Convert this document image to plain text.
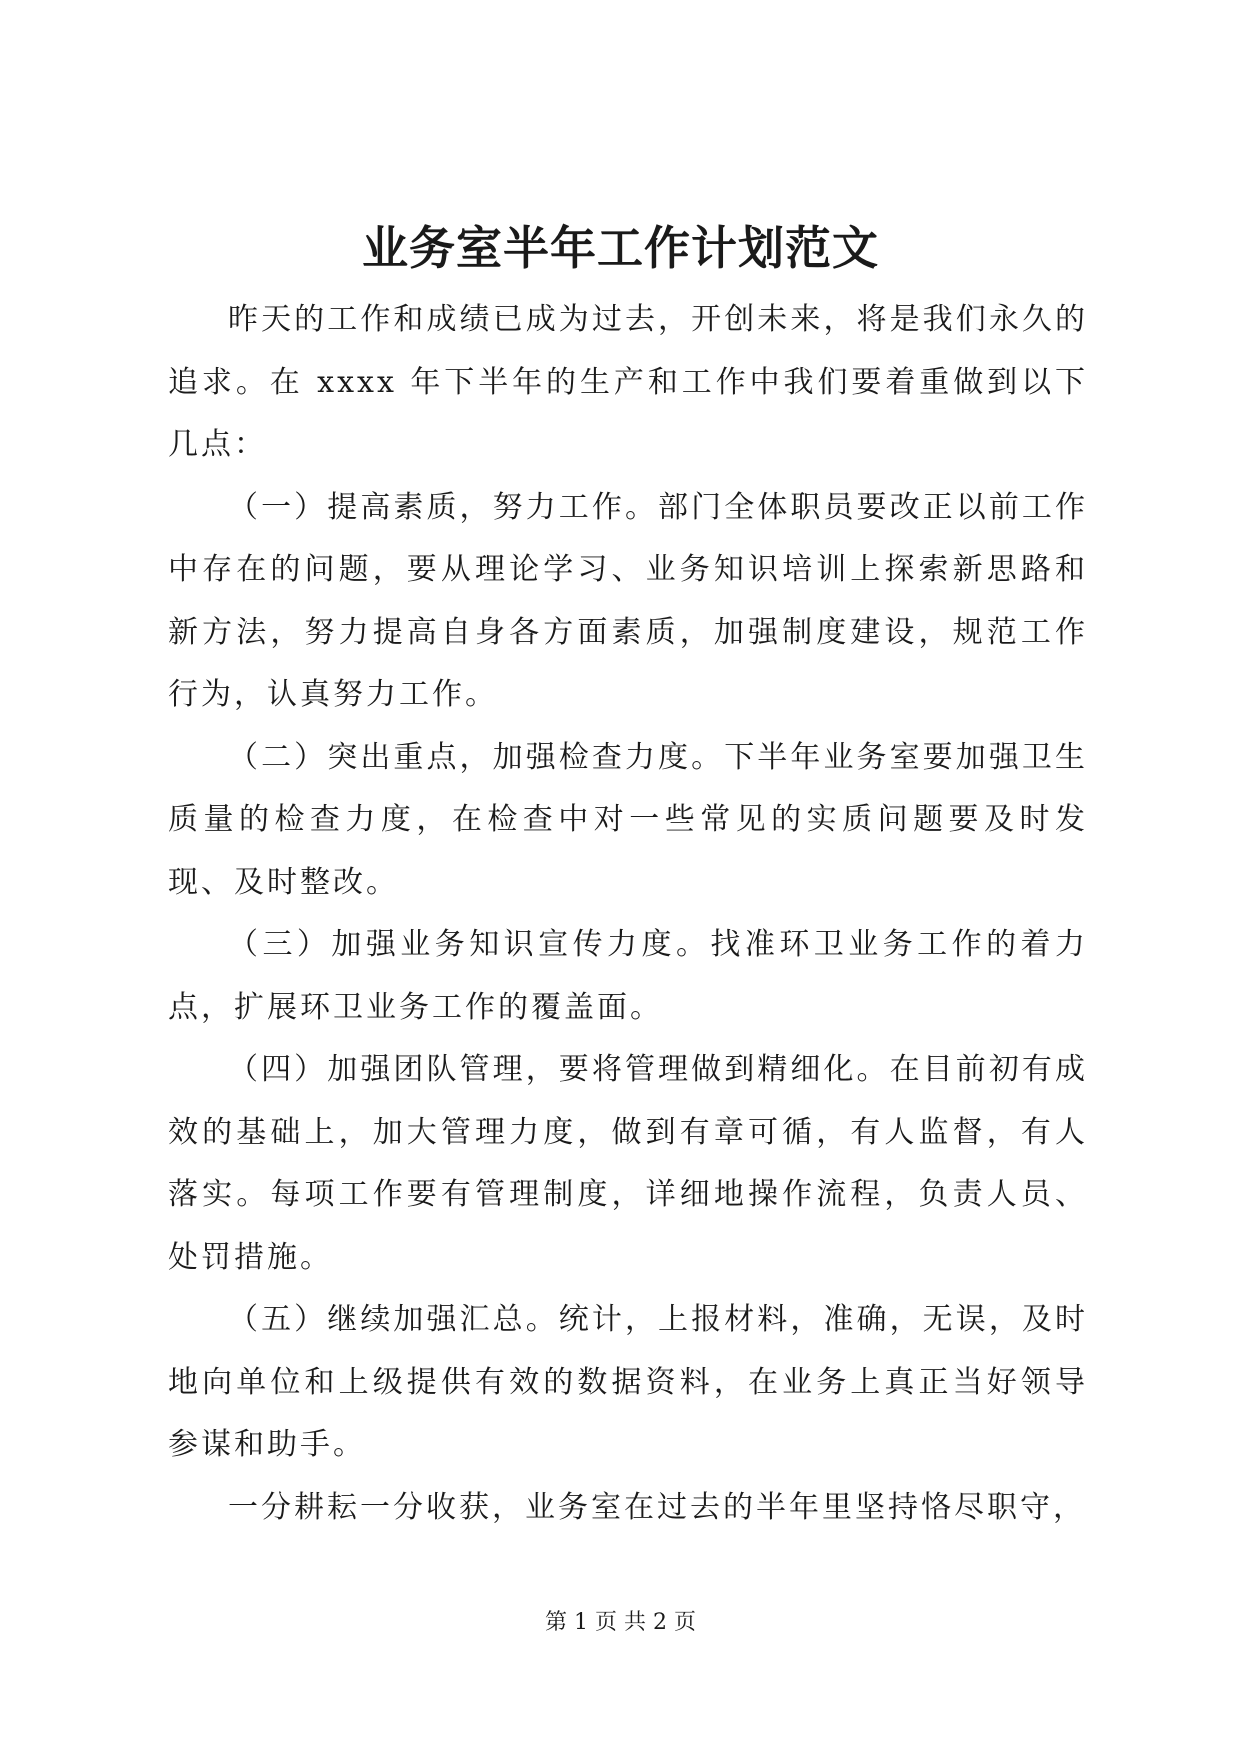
业务室半年工作计划范文

昨天的工作和成绩已成为过去，开创未来，将是我们永久的追求。在 xxxx 年下半年的生产和工作中我们要着重做到以下几点：

（一）提高素质，努力工作。部门全体职员要改正以前工作中存在的问题，要从理论学习、业务知识培训上探索新思路和新方法，努力提高自身各方面素质，加强制度建设，规范工作行为，认真努力工作。

（二）突出重点，加强检查力度。下半年业务室要加强卫生质量的检查力度，在检查中对一些常见的实质问题要及时发现、及时整改。

（三）加强业务知识宣传力度。找准环卫业务工作的着力点，扩展环卫业务工作的覆盖面。

（四）加强团队管理，要将管理做到精细化。在目前初有成效的基础上，加大管理力度，做到有章可循，有人监督，有人落实。每项工作要有管理制度，详细地操作流程，负责人员、处罚措施。

（五）继续加强汇总。统计，上报材料，准确，无误，及时地向单位和上级提供有效的数据资料，在业务上真正当好领导参谋和助手。

一分耕耘一分收获，业务室在过去的半年里坚持恪尽职守，

第 1 页 共 2 页
